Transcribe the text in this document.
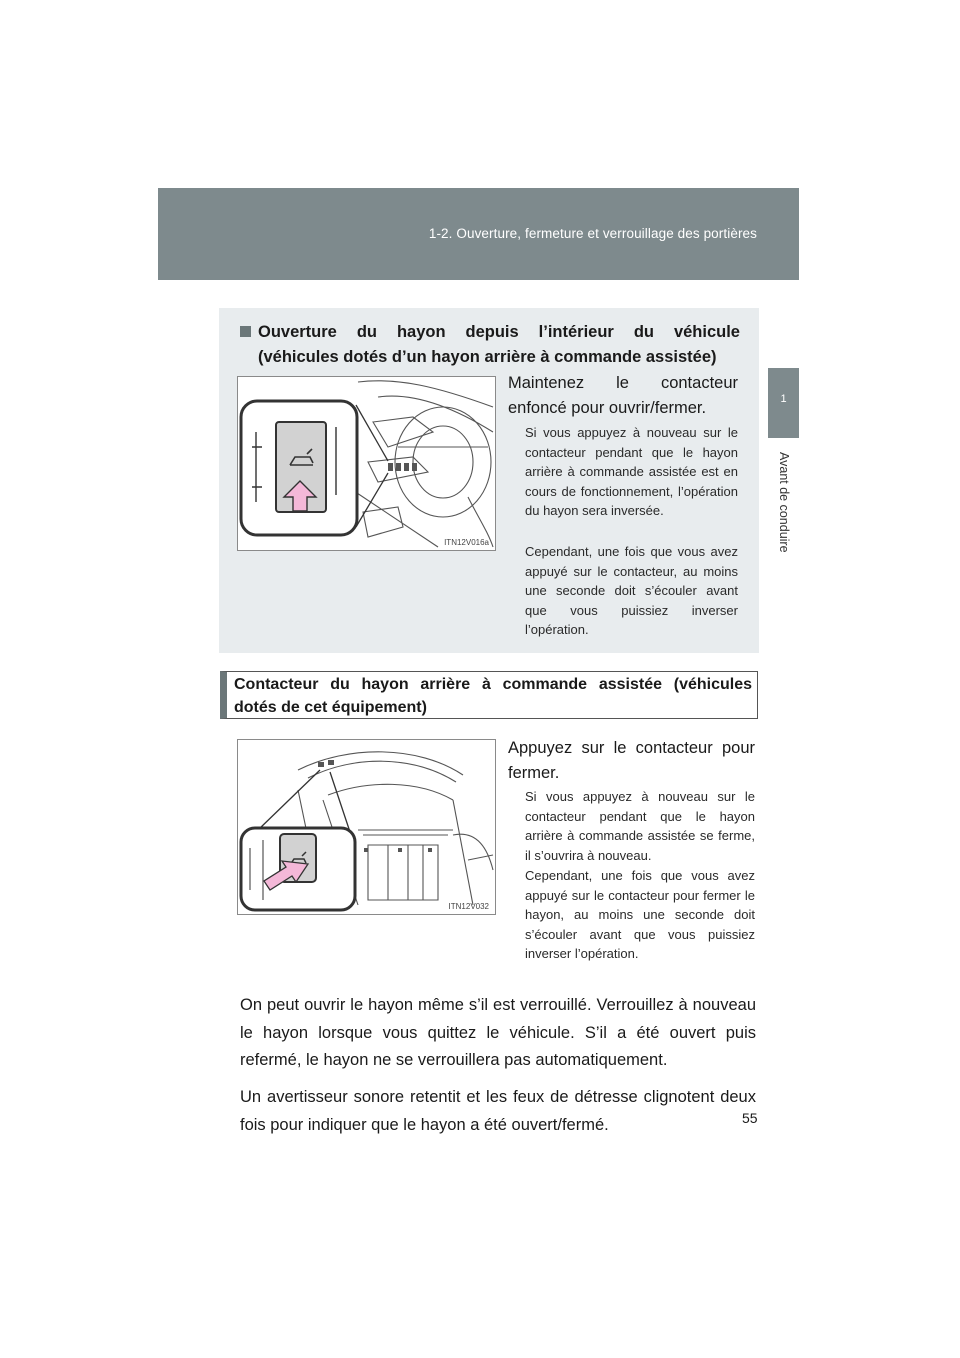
1-2. Ouverture, fermeture et verrouillage des portières
1
Avant de conduire
Ouverture du hayon depuis l’intérieur du véhicule
(véhicules dotés d’un hayon arrière à commande assistée)
ITN12V016a
Maintenez le contacteur enfoncé pour ouvrir/fermer.
Si vous appuyez à nouveau sur le contacteur pendant que le hayon arrière à commande assistée est en cours de fonctionnement, l’opération du hayon sera inversée.
Cependant, une fois que vous avez appuyé sur le contacteur, au moins une seconde doit s’écouler avant que vous puissiez inverser l’opération.
Contacteur du hayon arrière à commande assistée (véhicules
dotés de cet équipement)
ITN12V032
Appuyez sur le contacteur pour fermer.
Si vous appuyez à nouveau sur le contacteur pendant que le hayon arrière à commande assistée se ferme, il s’ouvrira à nouveau.
Cependant, une fois que vous avez appuyé sur le contacteur pour fermer le hayon, au moins une seconde doit s’écouler avant que vous puissiez inverser l’opération.
On peut ouvrir le hayon même s’il est verrouillé. Verrouillez à nouveau le hayon lorsque vous quittez le véhicule. S’il a été ouvert puis refermé, le hayon ne se verrouillera pas automatiquement.
Un avertisseur sonore retentit et les feux de détresse clignotent deux fois pour indiquer que le hayon a été ouvert/fermé.	55
